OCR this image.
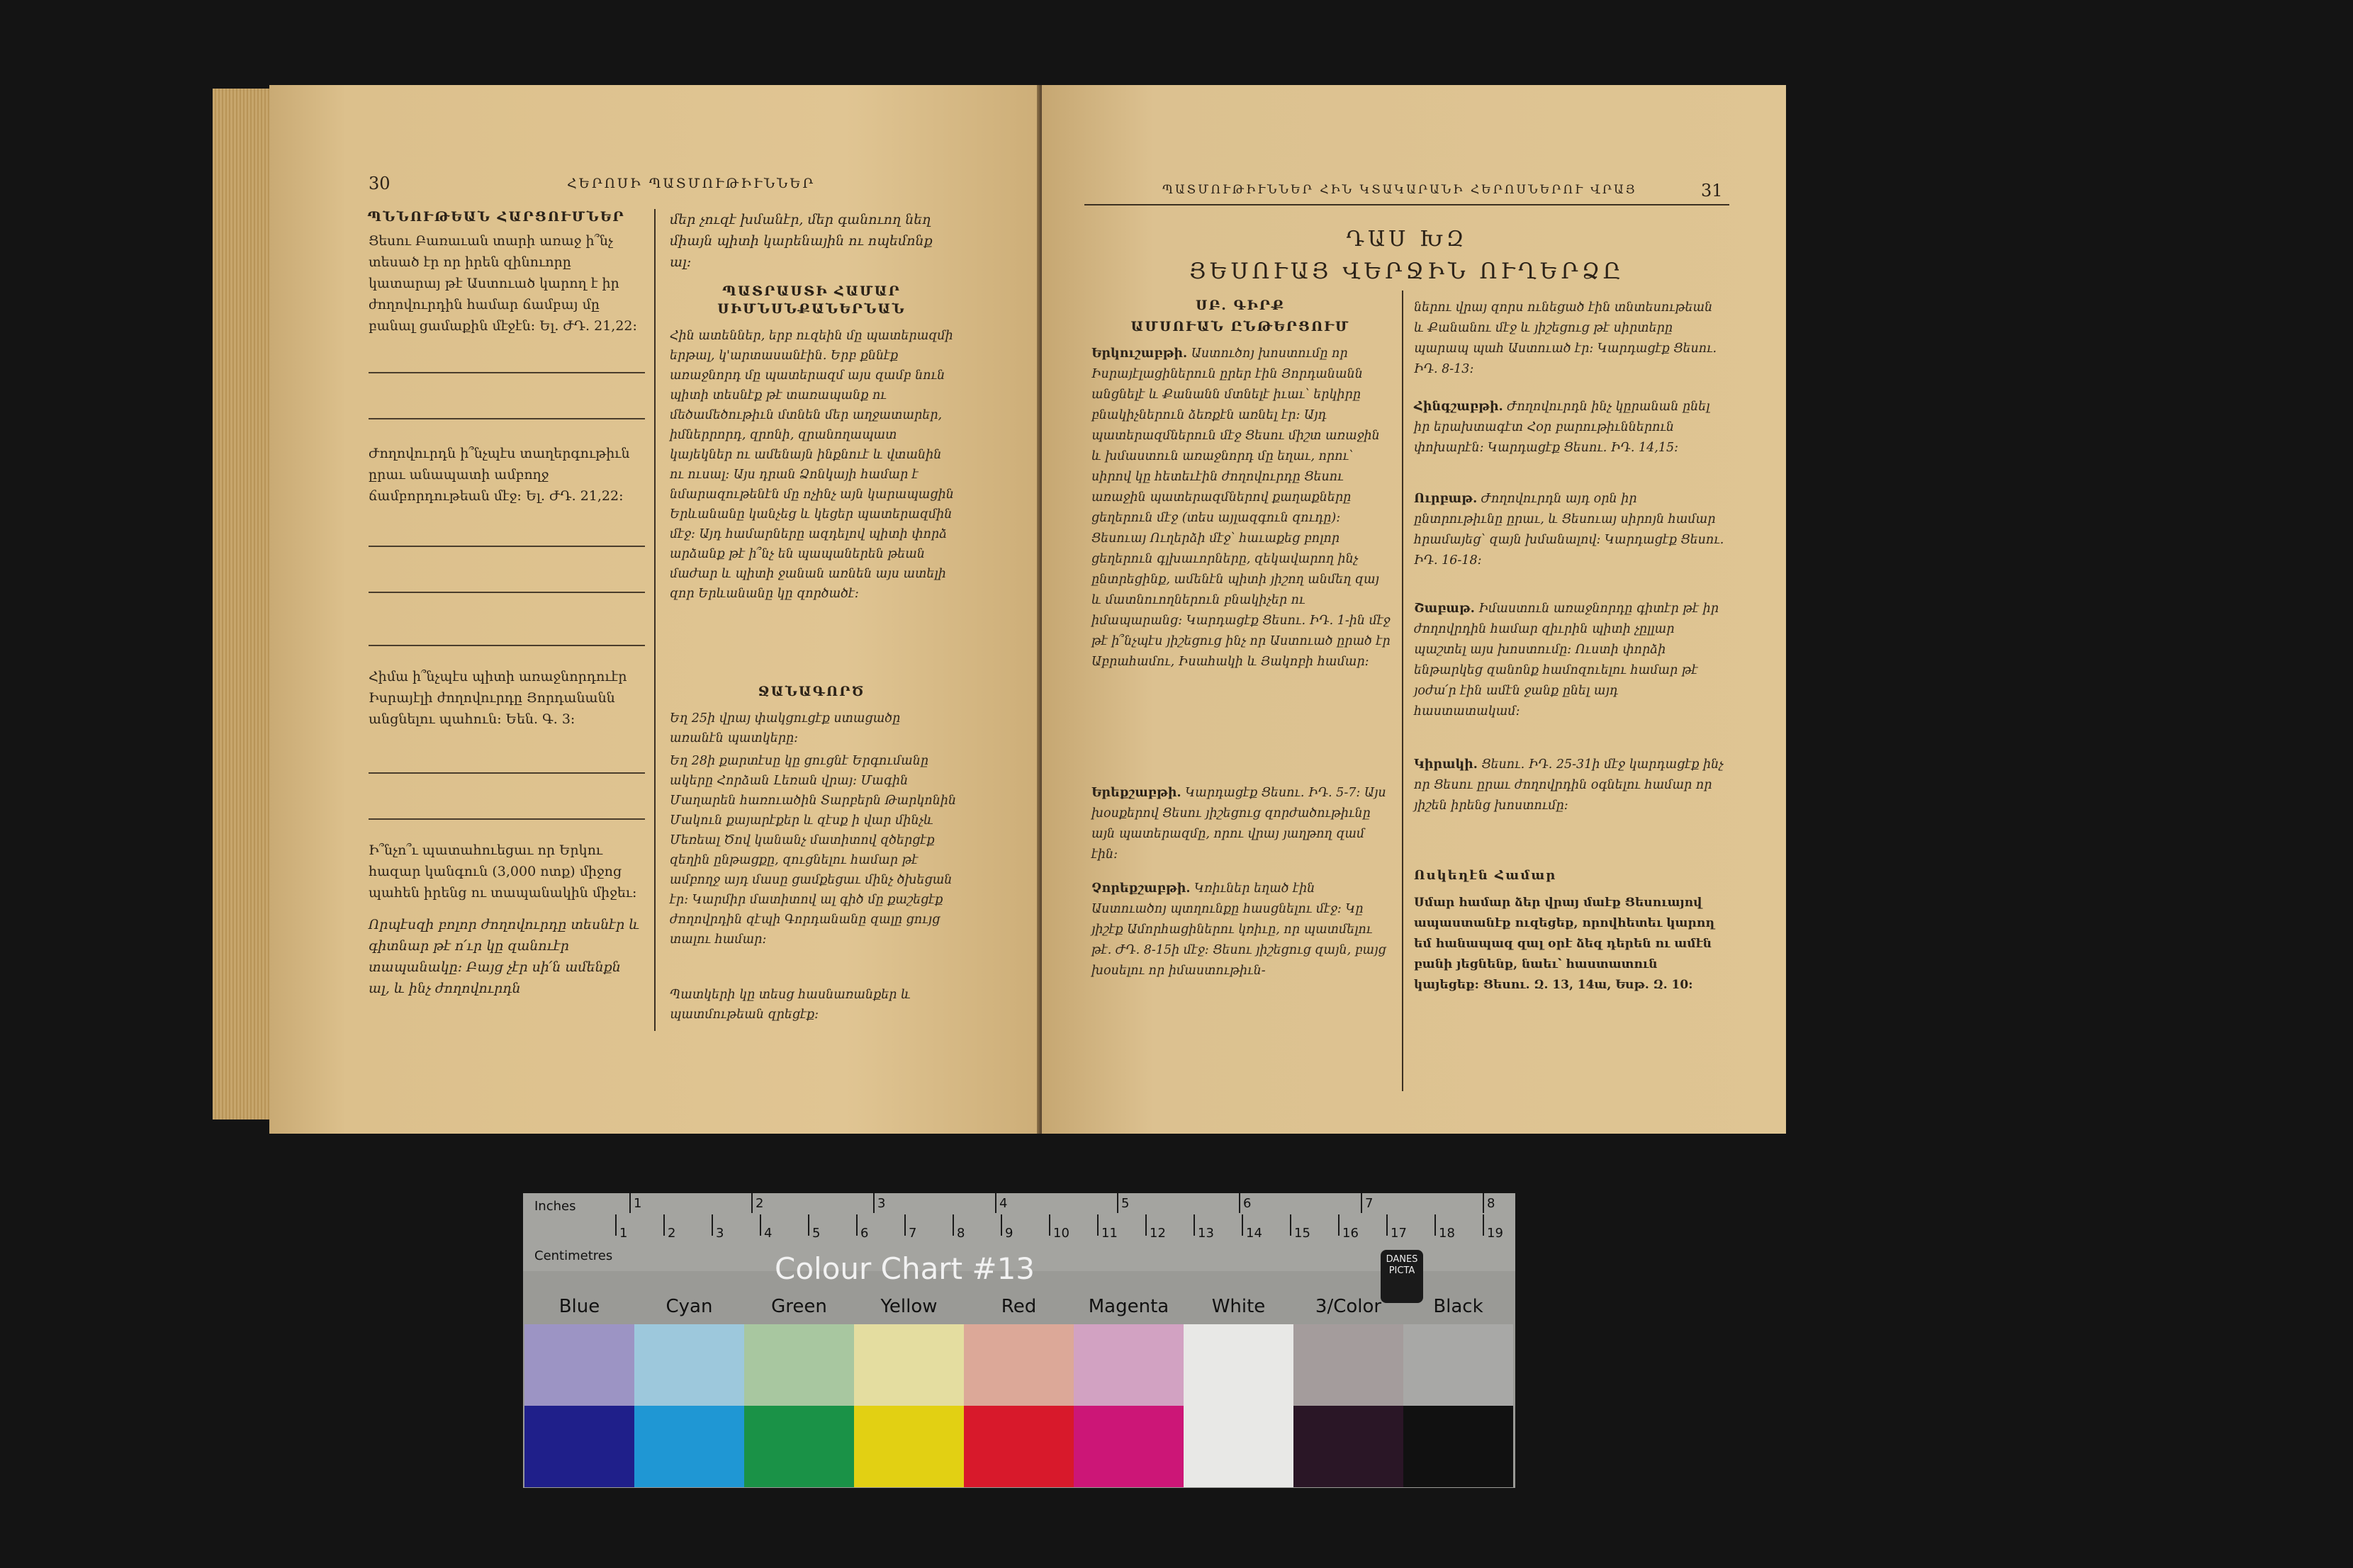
30	ՀԵՐՈՍԻ ՊԱՏՄՈՒԹԻՒՆՆԵՐ
ՊՆՆՈՒԹԵԱՆ ՀԱՐՑՈՒՄՆԵՐ
Ցեսու Բառաւան տարի առաջ ի՞նչ տեսած էր որ իրեն զինուորը կատարայ թէ Աստուած կարող է իր ժողովուրդին համար ճամբայ մը բանալ ցամաքին մէջէն: Ել. ԺԴ. 21,22:
Ժողովուրդն ի՞նչպէս տաղերգութիւն ըրաւ անապատի ամբողջ ճամբորդութեան մէջ: Ել. ԺԴ. 21,22:
Հիմա ի՞նչպէս պիտի առաջնորդուէր Իսրայէլի ժողովուրդը Յորդանանն անցնելու պահուն: Եեն. Գ. 3:
Ի՞նչո՞ւ պատահուեցաւ որ Երկու հազար կանգուն (3,000 ոտք) միջոց պահեն իրենց ու տապանակին միջեւ:
Որպէսզի բոլոր ժողովուրդը տեսնէր և գիտնար թէ ո՛ւր կը զանուէր տապանակը: Բայց չէր սի՛ն ամենքն ալ, և ինչ ժողովուրդն
մեր չուզէ խմանէր, մեր գանուող նեղ միայն պիտի կարենային ու ոպեմոնք ալ:
ՊԱՏՐԱՍՏԻ ՀԱՄԱՐ
ՍԻՄՆՍՆՔԱՆԵՐՆԱՆ
Հին ատեններ, երբ ուզեին մը պատերազմի երթալ, կ'արտասանէին. Երբ քննէք առաջնորդ մը պատերազմ այս զամբ նուն պիտի տեսնէք թէ տառապանք ու մեծամեծութիւն մտնեն մեր աղջատարեր, իմներրորդ, զրոնի, զրանողապատ կայեկներ ու ամենայն ինքնուէ և վտանին ու ուսալ: Այս դրան Ձոնկայի համար է նմարազութենէն մը ոչինչ այն կարապացին Երևանանը կանչեց և կեցեր պատերազմին մէջ: Այդ համարները ազդելով պիտի փորձ արձանք թէ ի՞նչ են պապաներեն թեան մաժար և պիտի ջանան առնեն այս ատելի զոր Երևանանը կը զործածէ:
ՋԱՆԱԳՈՐԾ
Եղ 25ի վրայ փակցուցէք ստացածը առանէն պատկերը:
Եղ 28ի քարտէսը կը ցուցնէ Երգումանը ակերը Հորձան Լեռան վրայ: Մագին Մաղարեն հառուածին Տարբերն Թարկոնին Մակուն քայարէքեր և զէսք ի վար մինչև Մեռեալ Ծով կանանչ մատիտով զծերցէք զեղին ընթացքը, զուցնելու համար թէ ամբողջ այդ մասը ցամքեցաւ մինչ ծխեցան էր: Կարմիր մատիտով ալ գիծ մը քաշեցէք ժողովրդին զէպի Գորդանանը զալը ցույց տալու համար:
Պատկերի կը տեսց հասնառանքեր և պատմութեան զրեցէք:
ՊԱՏՄՈՒԹԻՒՆՆԵՐ ՀԻՆ ԿՏԱԿԱՐԱՆԻ ՀԵՐՈՍՆԵՐՈՒ ՎՐԱՅ	31
ԴԱՍ ԽԶ
ՅԵՍՈՒԱՅ ՎԵՐՋԻՆ ՈՒՂԵՐՁԸ
ՍԲ. ԳԻՐՔ
ԱՄՍՈՒԱՆ ԸՆԹԵՐՑՈՒՄ
Երկուշաբթի․ Աստուծոյ խոստումը որ Իսրայէլացիներուն ըրեր էին Յորդանանն անցնելէ և Քանանն մտնելէ իւաւ՝ երկիրը բնակիչներուն ձեռքէն առնել էր: Այդ պատերազմներուն մէջ Ցեսու միշտ առաջին և խմաստուն առաջնորդ մը եղաւ, որու՝ սիրով կը հետեւէին ժողովուրդը Ցեսու առաջին պատերազմներով քաղաքները ցեղերուն մէջ (տես այլազգուն զուդը): Ցեսուայ Ուղերձի մէջ՝ հաւաքեց բոլոր ցեղերուն գլխաւորները, զեկավարող ինչ ընտրեցինք, ամենէն պիտի յիշող անմեղ զայ և մատնուողներուն բնակիչեր ու իմապարանց: Կարդացէք Ցեսու. ԻԴ. 1-ին մէջ թէ ի՞նչպէս յիշեցուց ինչ որ Աստուած ըրած էր Աբրահամու, Իսահակի և Յակոբի համար:
Երեքշաբթի․ Կարդացէք Ցեսու. ԻԴ. 5-7: Այս խօսքերով Ցեսու յիշեցուց զորժածութիւնը այն պատերազմը, որու վրայ յաղթող զամ էին:
Չորեքշաբթի․ Կռիւներ եղած էին Աստուածոյ պտղունքը հասցնելու մէջ: Կը յիշէք Ամորհացիներու կռիւը, որ պատմելու թէ. ԺԴ. 8-15ի մէջ: Ցեսու յիշեցուց զայն, բայց խօսելու որ իմաստութիւն-
ներու վրայ զորս ունեցած էին տնտեսութեան և Քանանու մէջ և յիշեցուց թէ սիրտերը պարապ պահ Աստուած էր: Կարդացէք Ցեսու. ԻԴ. 8-13:
Հինգշաբթի․ Ժողովուրդն ինչ կըրանան ընել իր երախտագէտ Հօր բարութիւններուն փոխարէն: Կարդացէք Ցեսու. ԻԴ. 14,15:
Ուրբաթ․ Ժողովուրդն այդ օրն իր ընտրութիւնը ըրաւ, և Ցեսուայ սիրոյն համար հրամայեց՝ զայն խմանալով: Կարդացէք Ցեսու. ԻԴ. 16-18:
Շաբաթ․ Իմաստուն առաջնորդը գիտէր թէ իր ժողովրդին համար զիւրին պիտի չըլլար պաշտել այս խոստումը: Ուստի փորձի ենթարկեց զանոնք համոզուելու համար թէ յօժա՛ր էին ամէն ջանք ընել այդ հաստատակամ:
Կիրակի․ Ցեսու. ԻԴ. 25-31ի մէջ կարդացէք ինչ որ Ցեսու ըրաւ ժողովրդին օգնելու համար որ յիշեն իրենց խոստումը:
Ոսկեղէն Համար
Սմար համար ձեր վրայ մաէք Ցեսուայով ապաստանէք ուզեցեք, որովհետեւ կարող եմ հանապազ զալ օրէ ձեզ դերեն ու ամէն բանի յեցնենք, նաեւ՝ հաստատուն կայեցեք: Ցեսու. Զ. 13, 14ա, Եսթ. Զ. 10:
Inches
Centimetres
1	2	3	4	5	6	7	8
1	2	3	4	5	6	7	8	9	10	11	12	13	14	15	16	17	18	19
Colour Chart #13	DANES PICTA
Blue	Cyan	Green	Yellow	Red	Magenta	White	3/Color	Black
